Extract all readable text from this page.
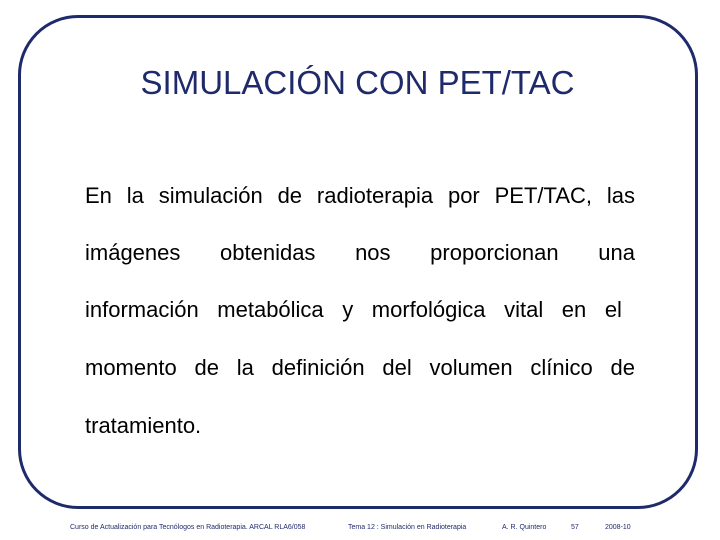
SIMULACIÓN CON PET/TAC
En la simulación de radioterapia por PET/TAC, las
imágenes obtenidas nos proporcionan una
información metabólica y morfológica vital en el
momento de la definición del volumen clínico de
tratamiento.
Curso de Actualización para Tecnólogos en Radioterapia. ARCAL RLA6/058	Tema 12 : Simulación en Radioterapia	A. R. Quintero	57	2008-10
